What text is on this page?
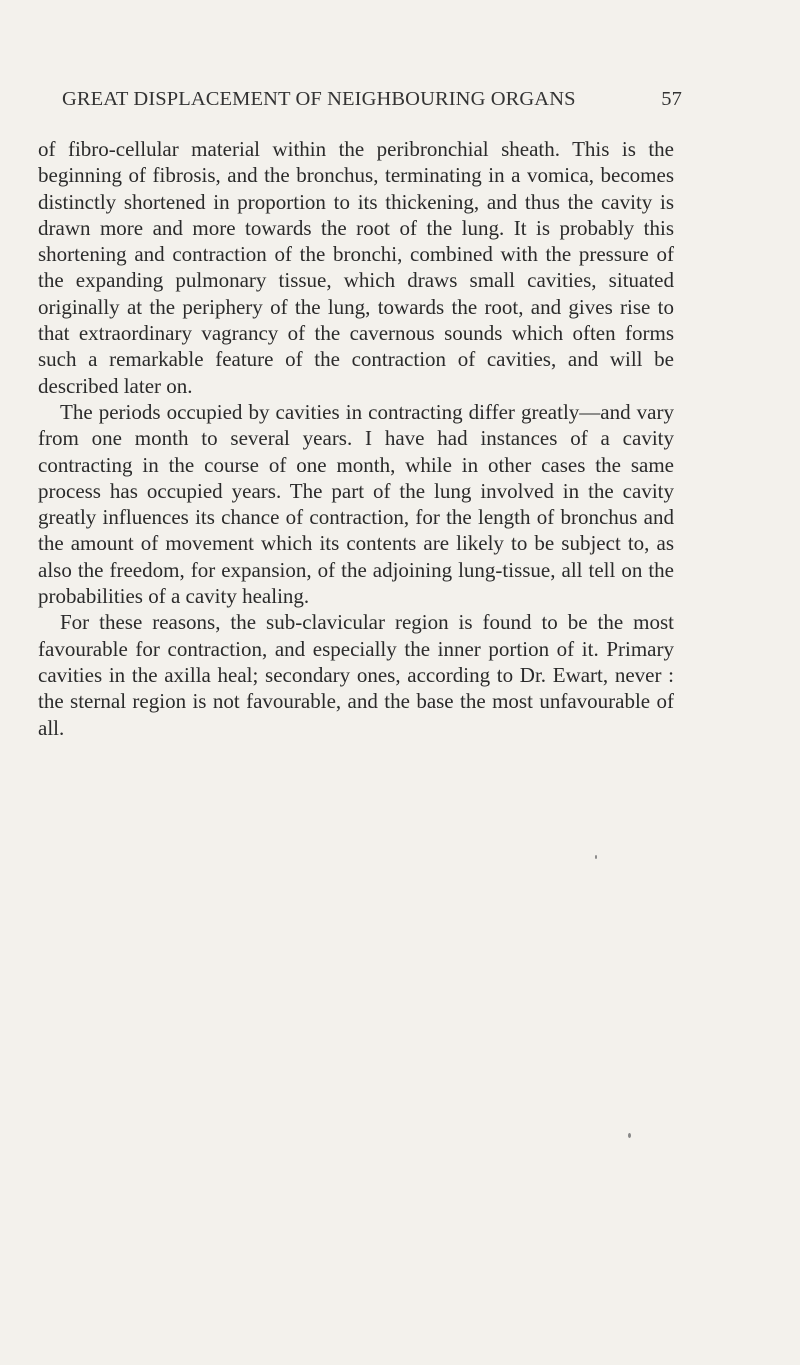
GREAT DISPLACEMENT OF NEIGHBOURING ORGANS	57

of fibro-cellular material within the peribronchial sheath. This is the beginning of fibrosis, and the bronchus, terminating in a vomica, becomes distinctly shortened in proportion to its thickening, and thus the cavity is drawn more and more towards the root of the lung. It is probably this shortening and contraction of the bronchi, combined with the pressure of the expanding pulmonary tissue, which draws small cavities, situated originally at the periphery of the lung, towards the root, and gives rise to that extraordinary vagrancy of the cavernous sounds which often forms such a remarkable feature of the contraction of cavities, and will be described later on.

The periods occupied by cavities in contracting differ greatly—and vary from one month to several years. I have had instances of a cavity contracting in the course of one month, while in other cases the same process has occupied years. The part of the lung involved in the cavity greatly influences its chance of contraction, for the length of bronchus and the amount of movement which its contents are likely to be subject to, as also the freedom, for expansion, of the adjoining lung-tissue, all tell on the probabilities of a cavity healing.

For these reasons, the sub-clavicular region is found to be the most favourable for contraction, and especially the inner portion of it. Primary cavities in the axilla heal; secondary ones, according to Dr. Ewart, never : the sternal region is not favourable, and the base the most unfavourable of all.
